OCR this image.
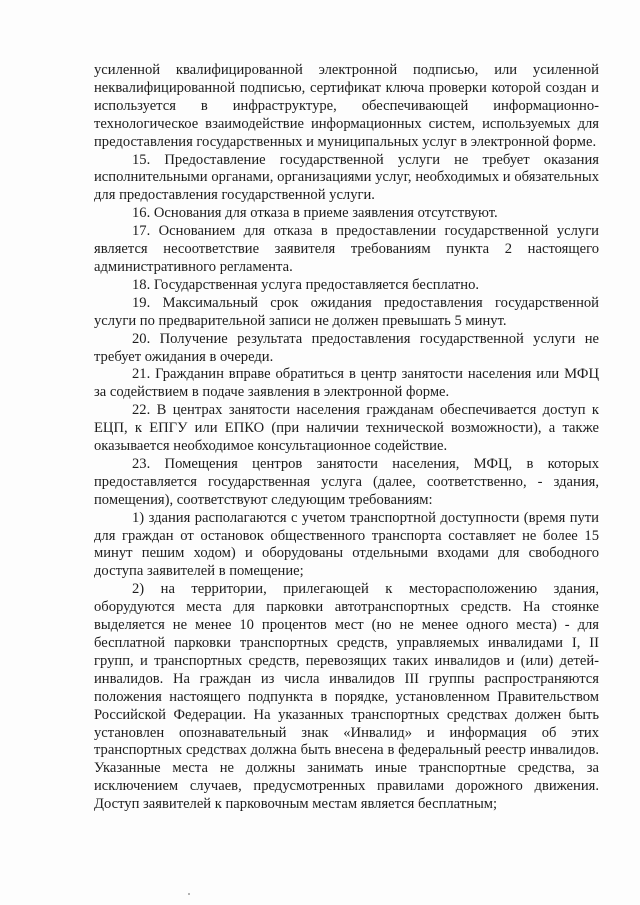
усиленной квалифицированной электронной подписью, или усиленной неквалифицированной подписью, сертификат ключа проверки которой создан и используется в инфраструктуре, обеспечивающей информационно-технологическое взаимодействие информационных систем, используемых для предоставления государственных и муниципальных услуг в электронной форме.

15. Предоставление государственной услуги не требует оказания исполнительными органами, организациями услуг, необходимых и обязательных для предоставления государственной услуги.

16. Основания для отказа в приеме заявления отсутствуют.

17. Основанием для отказа в предоставлении государственной услуги является несоответствие заявителя требованиям пункта 2 настоящего административного регламента.

18. Государственная услуга предоставляется бесплатно.

19. Максимальный срок ожидания предоставления государственной услуги по предварительной записи не должен превышать 5 минут.

20. Получение результата предоставления государственной услуги не требует ожидания в очереди.

21. Гражданин вправе обратиться в центр занятости населения или МФЦ за содействием в подаче заявления в электронной форме.

22. В центрах занятости населения гражданам обеспечивается доступ к ЕЦП, к ЕПГУ или ЕПКО (при наличии технической возможности), а также оказывается необходимое консультационное содействие.

23. Помещения центров занятости населения, МФЦ, в которых предоставляется государственная услуга (далее, соответственно, - здания, помещения), соответствуют следующим требованиям:

1) здания располагаются с учетом транспортной доступности (время пути для граждан от остановок общественного транспорта составляет не более 15 минут пешим ходом) и оборудованы отдельными входами для свободного доступа заявителей в помещение;

2) на территории, прилегающей к месторасположению здания, оборудуются места для парковки автотранспортных средств. На стоянке выделяется не менее 10 процентов мест (но не менее одного места) - для бесплатной парковки транспортных средств, управляемых инвалидами I, II групп, и транспортных средств, перевозящих таких инвалидов и (или) детей-инвалидов. На граждан из числа инвалидов III группы распространяются положения настоящего подпункта в порядке, установленном Правительством Российской Федерации. На указанных транспортных средствах должен быть установлен опознавательный знак «Инвалид» и информация об этих транспортных средствах должна быть внесена в федеральный реестр инвалидов. Указанные места не должны занимать иные транспортные средства, за исключением случаев, предусмотренных правилами дорожного движения. Доступ заявителей к парковочным местам является бесплатным;
